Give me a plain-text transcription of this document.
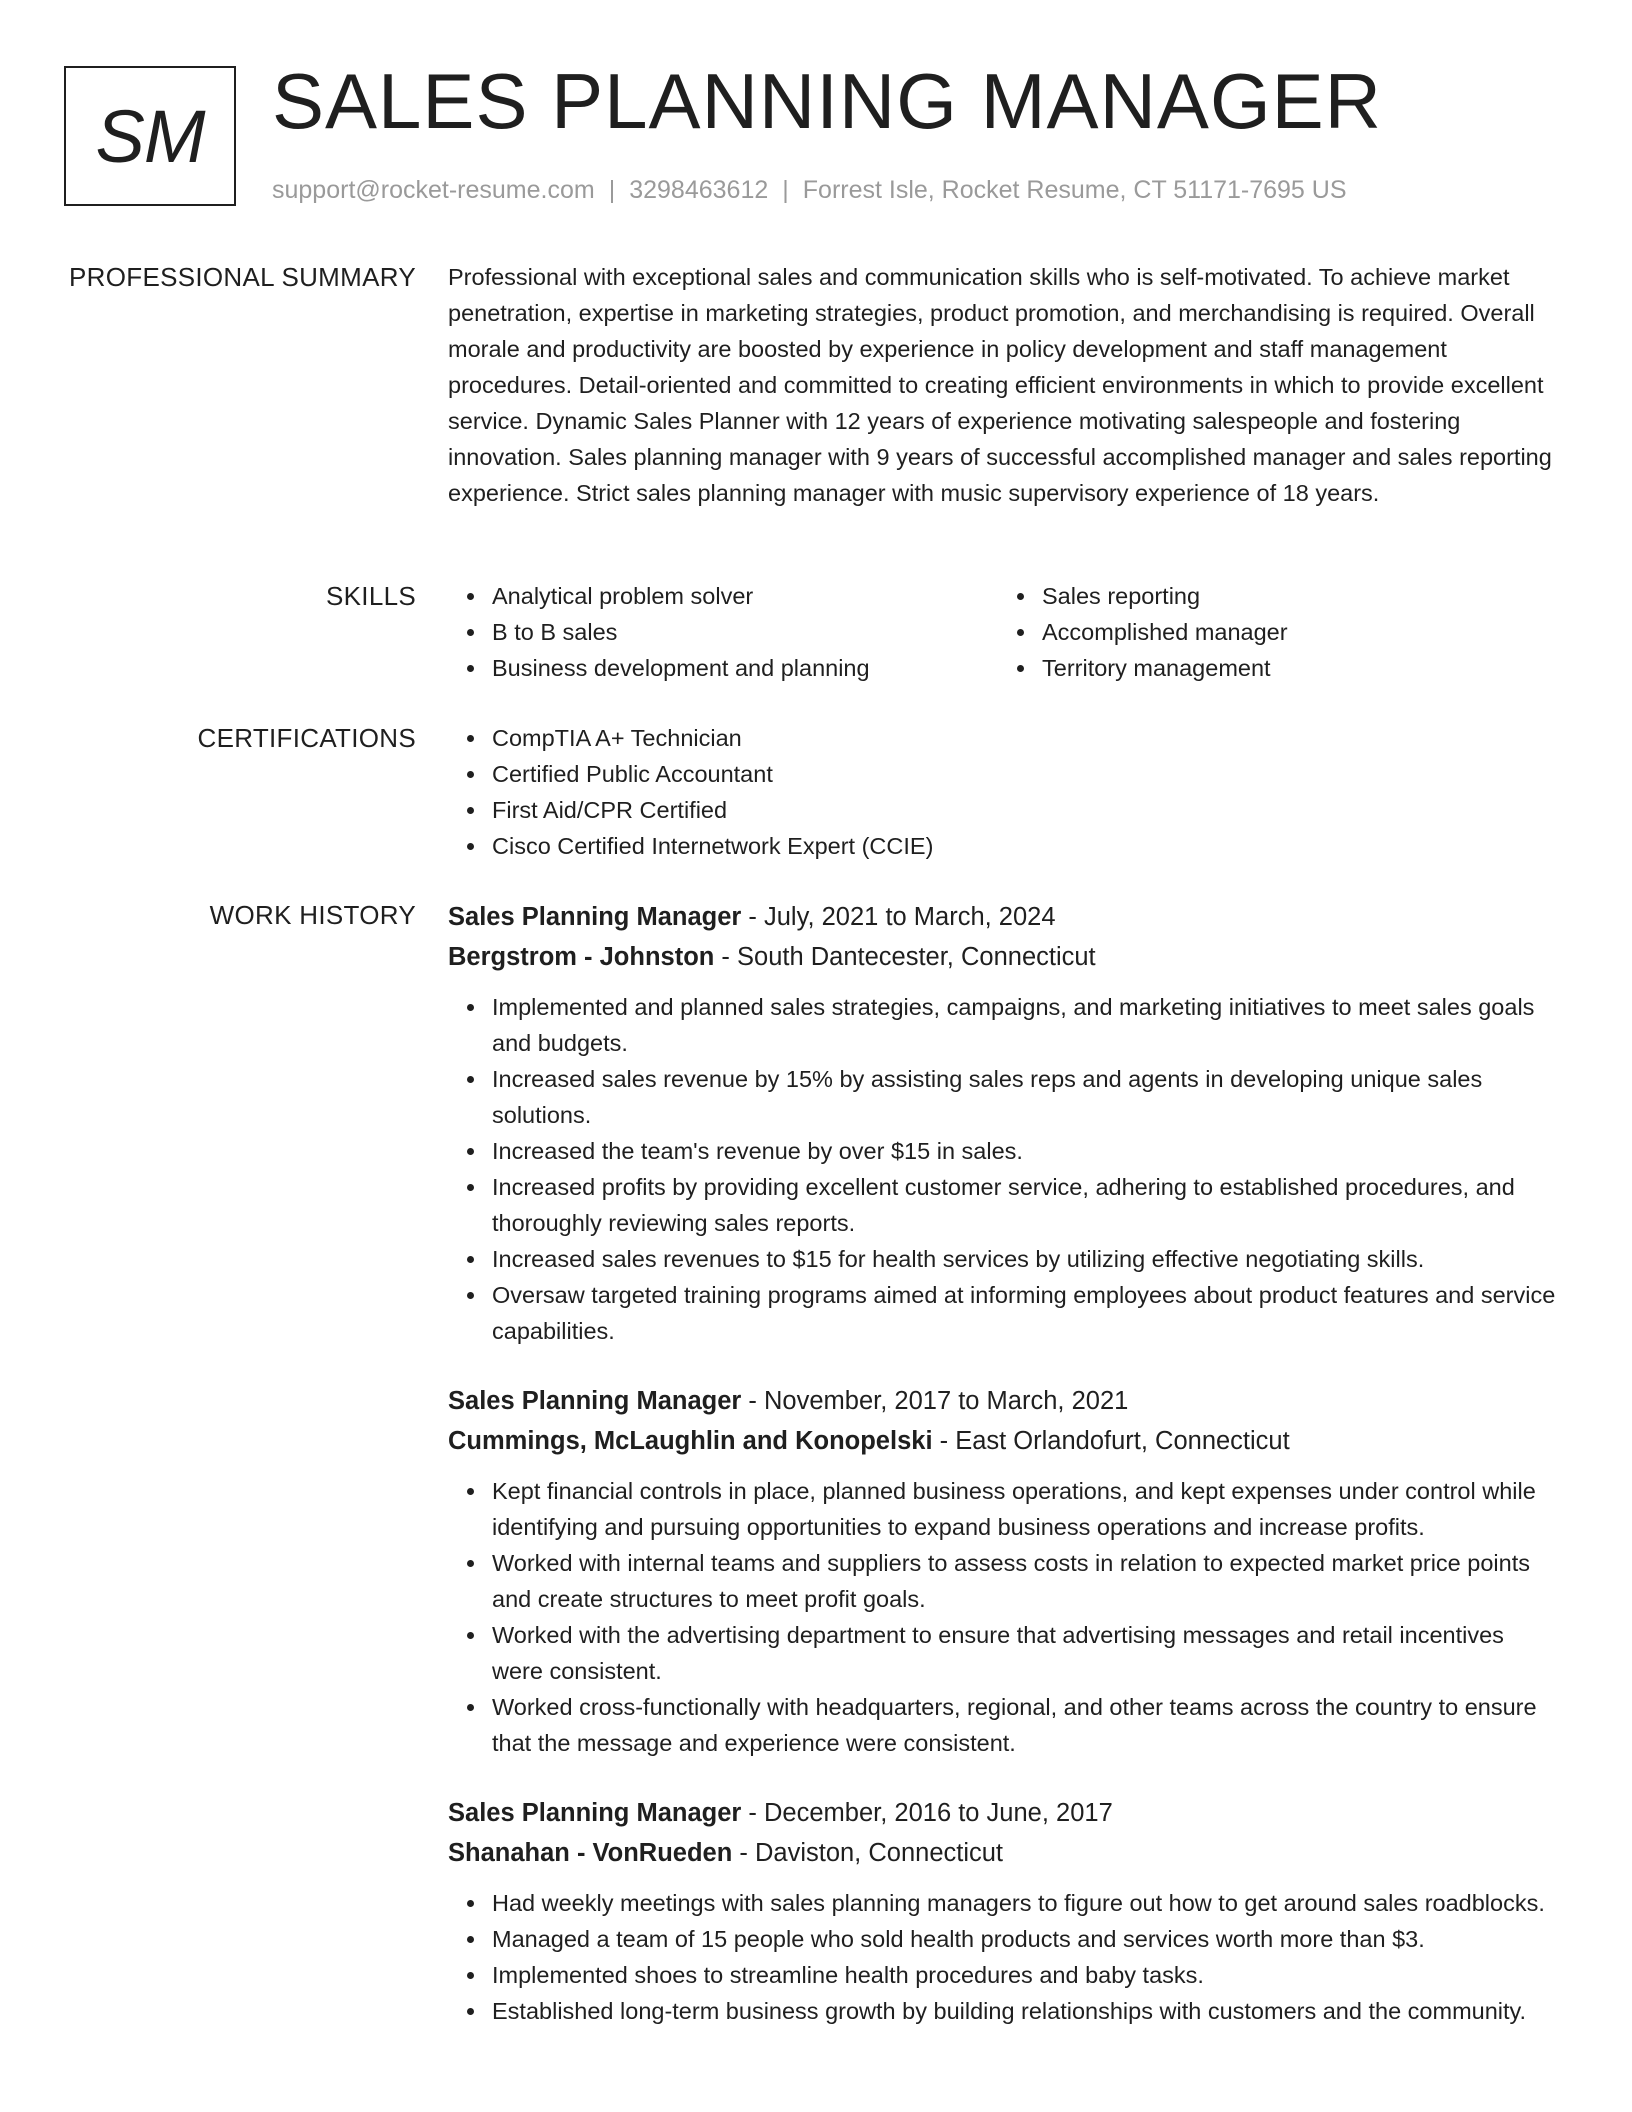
SM SALES PLANNING MANAGER
support@rocket-resume.com | 3298463612 | Forrest Isle, Rocket Resume, CT 51171-7695 US
PROFESSIONAL SUMMARY Professional with exceptional sales and communication skills who is self-motivated. To achieve market penetration, expertise in marketing strategies, product promotion, and merchandising is required. Overall morale and productivity are boosted by experience in policy development and staff management procedures. Detail-oriented and committed to creating efficient environments in which to provide excellent service. Dynamic Sales Planner with 12 years of experience motivating salespeople and fostering innovation. Sales planning manager with 9 years of successful accomplished manager and sales reporting experience. Strict sales planning manager with music supervisory experience of 18 years.

SKILLS	Analytical problem solver
B to B sales
Business development and planning
Sales reporting
Accomplished manager
Territory management
CERTIFICATIONS	CompTIA A+ Technician
Certified Public Accountant
First Aid/CPR Certified
Cisco Certified Internetwork Expert (CCIE)
WORK HISTORY Sales Planning Manager - July, 2021 to March, 2024
Bergstrom - Johnston - South Dantecester, Connecticut
Implemented and planned sales strategies, campaigns, and marketing initiatives to meet sales goals and budgets.
Increased sales revenue by 15% by assisting sales reps and agents in developing unique sales solutions.
Increased the team's revenue by over $15 in sales.
Increased profits by providing excellent customer service, adhering to established procedures, and thoroughly reviewing sales reports.
Increased sales revenues to $15 for health services by utilizing effective negotiating skills.
Oversaw targeted training programs aimed at informing employees about product features and service capabilities.
Sales Planning Manager - November, 2017 to March, 2021
Cummings, McLaughlin and Konopelski - East Orlandofurt, Connecticut
Kept financial controls in place, planned business operations, and kept expenses under control while identifying and pursuing opportunities to expand business operations and increase profits.
Worked with internal teams and suppliers to assess costs in relation to expected market price points and create structures to meet profit goals.
Worked with the advertising department to ensure that advertising messages and retail incentives were consistent.
Worked cross-functionally with headquarters, regional, and other teams across the country to ensure that the message and experience were consistent.
Sales Planning Manager - December, 2016 to June, 2017
Shanahan - VonRueden - Daviston, Connecticut
Had weekly meetings with sales planning managers to figure out how to get around sales roadblocks.
Managed a team of 15 people who sold health products and services worth more than $3.
Implemented shoes to streamline health procedures and baby tasks.
Established long-term business growth by building relationships with customers and the community.
